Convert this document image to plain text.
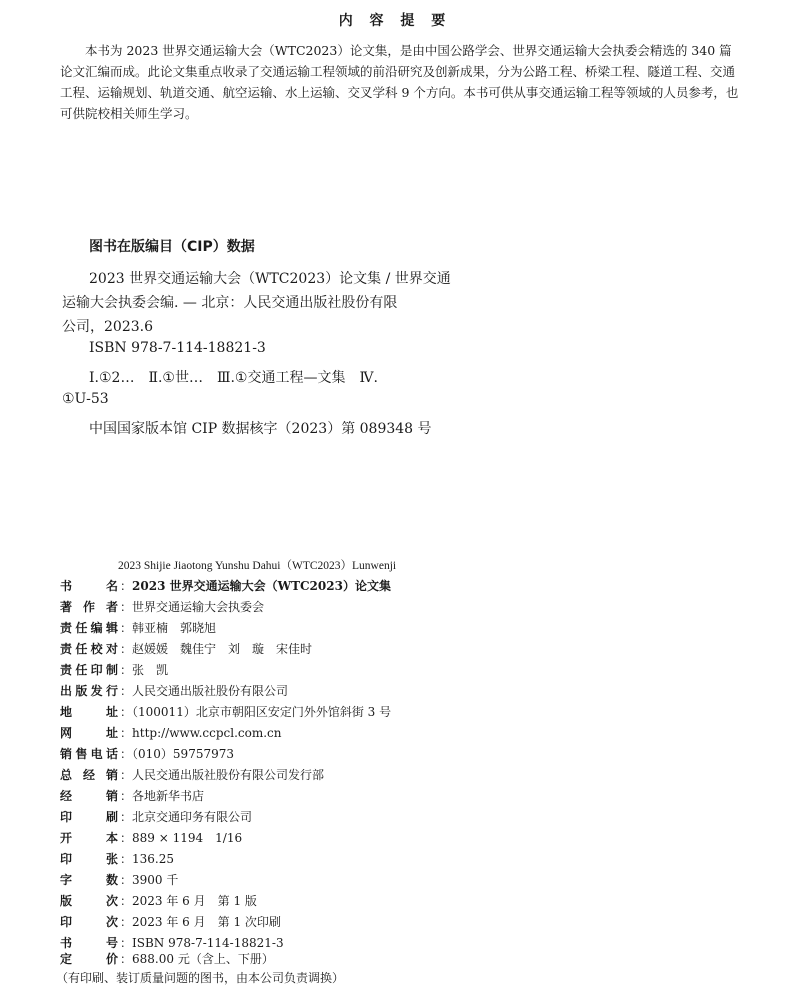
内 容 提 要
本书为 2023 世界交通运输大会（WTC2023）论文集，是由中国公路学会、世界交通运输大会执委会精选的 340 篇论文汇编而成。此论文集重点收录了交通运输工程领域的前沿研究及创新成果，分为公路工程、桥梁工程、隧道工程、交通工程、运输规划、轨道交通、航空运输、水上运输、交叉学科 9 个方向。本书可供从事交通运输工程等领域的人员参考，也可供院校相关师生学习。
图书在版编目（CIP）数据
2023 世界交通运输大会（WTC2023）论文集 / 世界交通
运输大会执委会编. — 北京：人民交通出版社股份有限
公司，2023.6
ISBN 978-7-114-18821-3
Ⅰ.①2…　Ⅱ.①世…　Ⅲ.①交通工程—文集　Ⅳ.
①U-53
中国国家版本馆 CIP 数据核字（2023）第 089348 号
2023 Shijie Jiaotong Yunshu Dahui（WTC2023）Lunwenji
书名 ：2023 世界交通运输大会（WTC2023）论文集
著作者 ：世界交通运输大会执委会
责任编辑 ：韩亚楠　郭晓旭
责任校对 ：赵媛媛　魏佳宁　刘　璇　宋佳时
责任印制 ：张　凯
出版发行 ：人民交通出版社股份有限公司
地址 ：（100011）北京市朝阳区安定门外外馆斜街 3 号
网址 ：http://www.ccpcl.com.cn
销售电话 ：（010）59757973
总经销 ：人民交通出版社股份有限公司发行部
经销 ：各地新华书店
印刷 ：北京交通印务有限公司
开本 ：889 × 1194　1/16
印张 ：136.25
字数 ：3900 千
版次 ：2023 年 6 月　第 1 版
印次 ：2023 年 6 月　第 1 次印刷
书号 ：ISBN 978-7-114-18821-3
定价 ：688.00 元（含上、下册）
（有印刷、装订质量问题的图书，由本公司负责调换）
